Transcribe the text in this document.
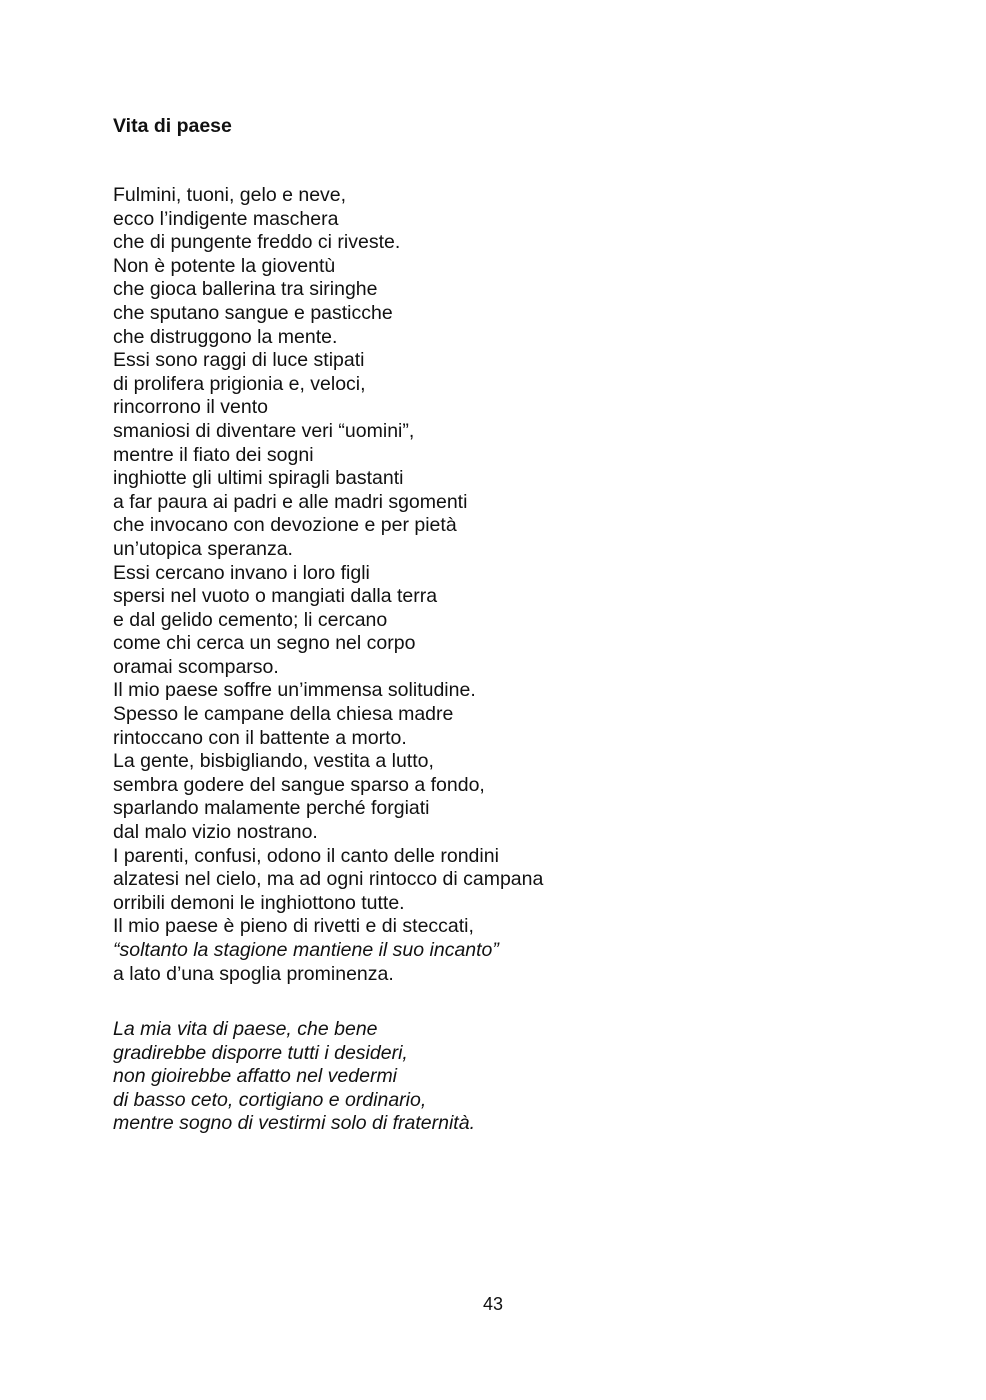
Vita di paese
Fulmini, tuoni, gelo e neve,
ecco l’indigente maschera
che di pungente freddo ci riveste.
Non è potente la gioventù
che gioca ballerina tra siringhe
che sputano sangue e pasticche
che distruggono la mente.
Essi sono raggi di luce stipati
di prolifera prigionia e, veloci,
rincorrono il vento
smaniosi di diventare veri “uomini”,
mentre il fiato dei sogni
inghiotte gli ultimi spiragli bastanti
a far paura ai padri e alle madri sgomenti
che invocano con devozione e per pietà
un’utopica speranza.
Essi cercano invano i loro figli
spersi nel vuoto o mangiati dalla terra
e dal gelido cemento; li cercano
come chi cerca un segno nel corpo
oramai scomparso.
Il mio paese soffre un’immensa solitudine.
Spesso le campane della chiesa madre
rintoccano con il battente a morto.
La gente, bisbigliando, vestita a lutto,
sembra godere del sangue sparso a fondo,
sparlando malamente perché forgiati
dal malo vizio nostrano.
I parenti, confusi, odono il canto delle rondini
alzatesi nel cielo, ma ad ogni rintocco di campana
orribili demoni le inghiottono tutte.
Il mio paese è pieno di rivetti e di steccati,
“soltanto la stagione mantiene il suo incanto”
a lato d’una spoglia prominenza.
La mia vita di paese, che bene
gradirebbe disporre tutti i desideri,
non gioirebbe affatto nel vedermi
di basso ceto, cortigiano e ordinario,
mentre sogno di vestirmi solo di fraternità.
43
